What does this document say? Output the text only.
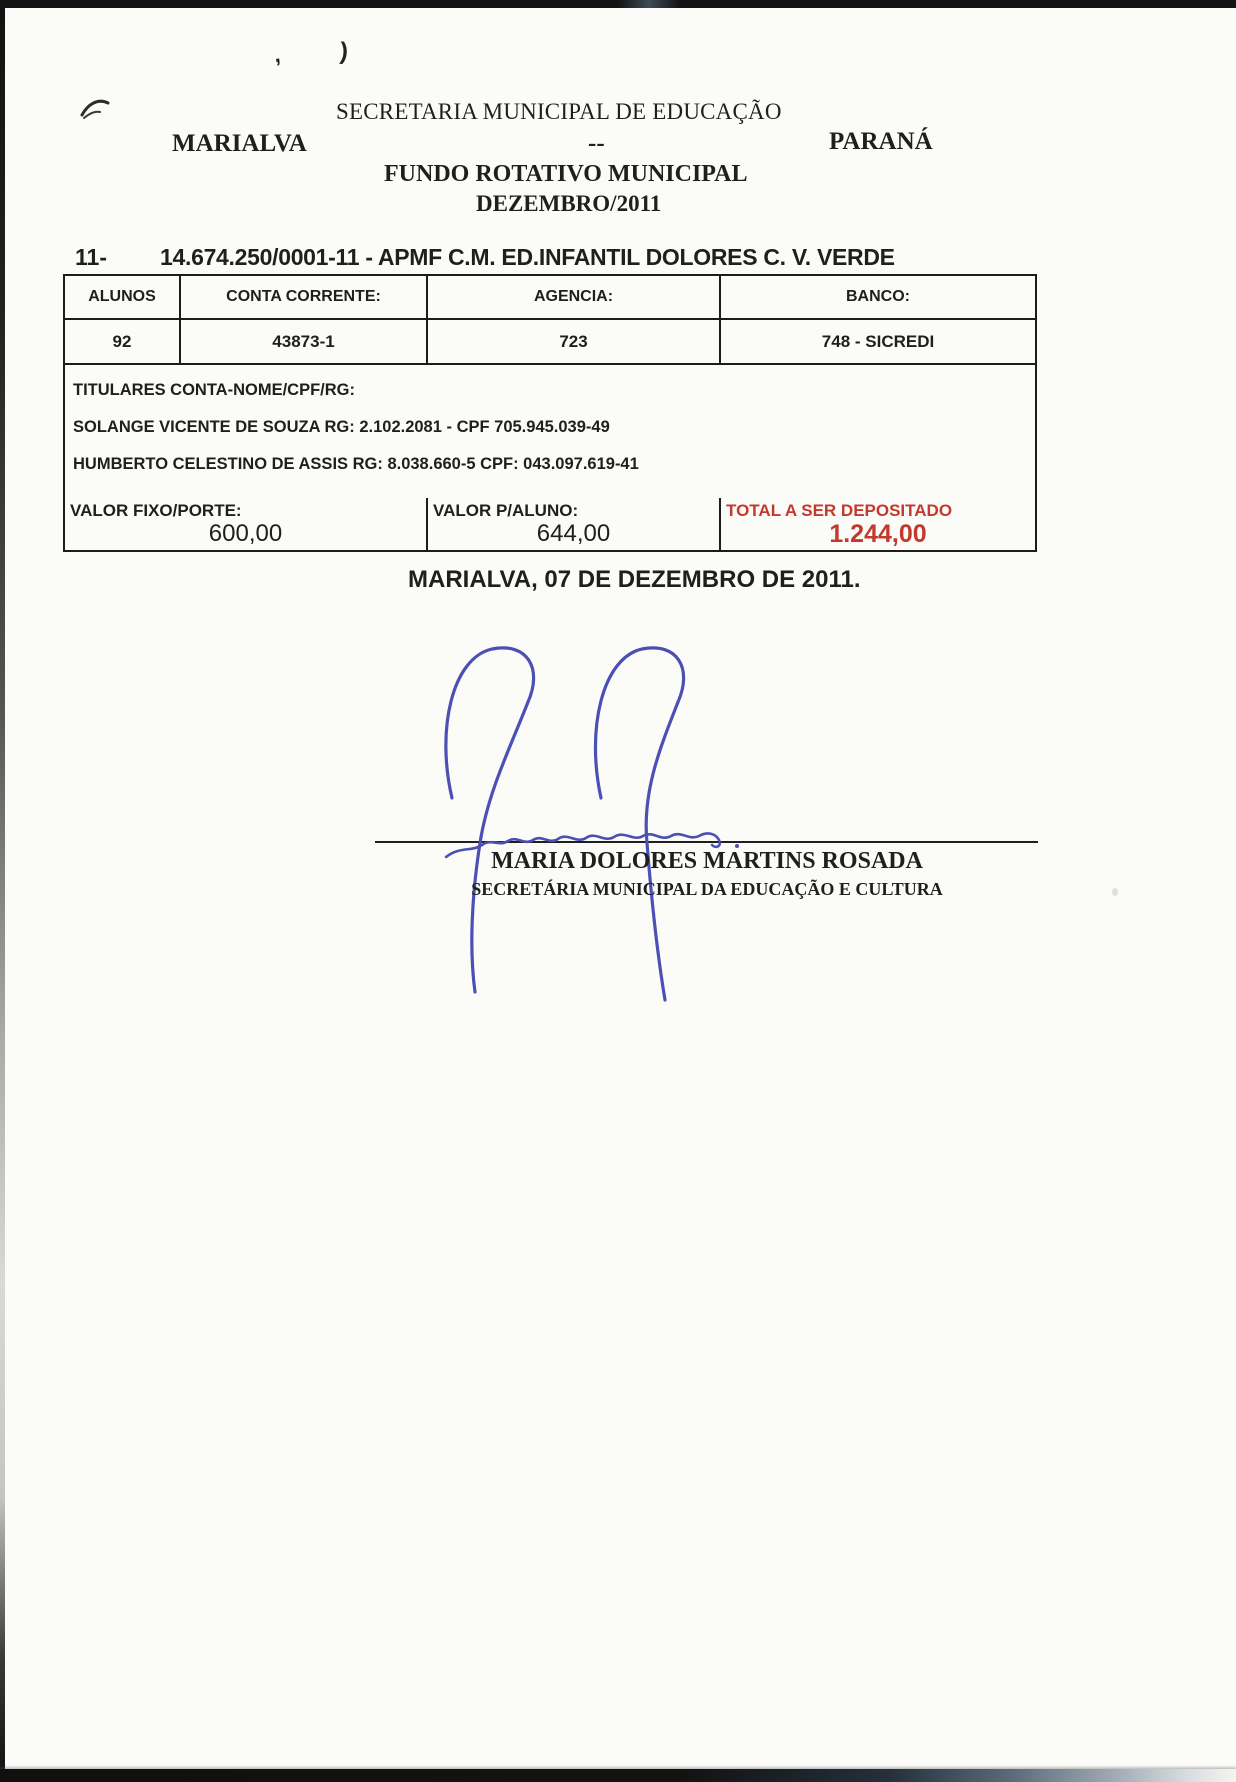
, )
SECRETARIA MUNICIPAL DE EDUCAÇÃO
MARIALVA	--	PARANÁ
FUNDO ROTATIVO MUNICIPAL
DEZEMBRO/2011
11- 14.674.250/0001-11 - APMF C.M. ED.INFANTIL DOLORES C. V. VERDE
ALUNOS	CONTA CORRENTE:	AGENCIA:	BANCO:
92	43873-1	723	748 - SICREDI
TITULARES CONTA-NOME/CPF/RG:
SOLANGE VICENTE DE SOUZA RG: 2.102.2081 - CPF 705.945.039-49
HUMBERTO CELESTINO DE ASSIS RG: 8.038.660-5 CPF: 043.097.619-41
VALOR FIXO/PORTE:
600,00
VALOR P/ALUNO:
644,00
TOTAL A SER DEPOSITADO
1.244,00
MARIALVA, 07 DE DEZEMBRO DE 2011.
MARIA DOLORES MARTINS ROSADA
SECRETÁRIA MUNICIPAL DA EDUCAÇÃO E CULTURA
